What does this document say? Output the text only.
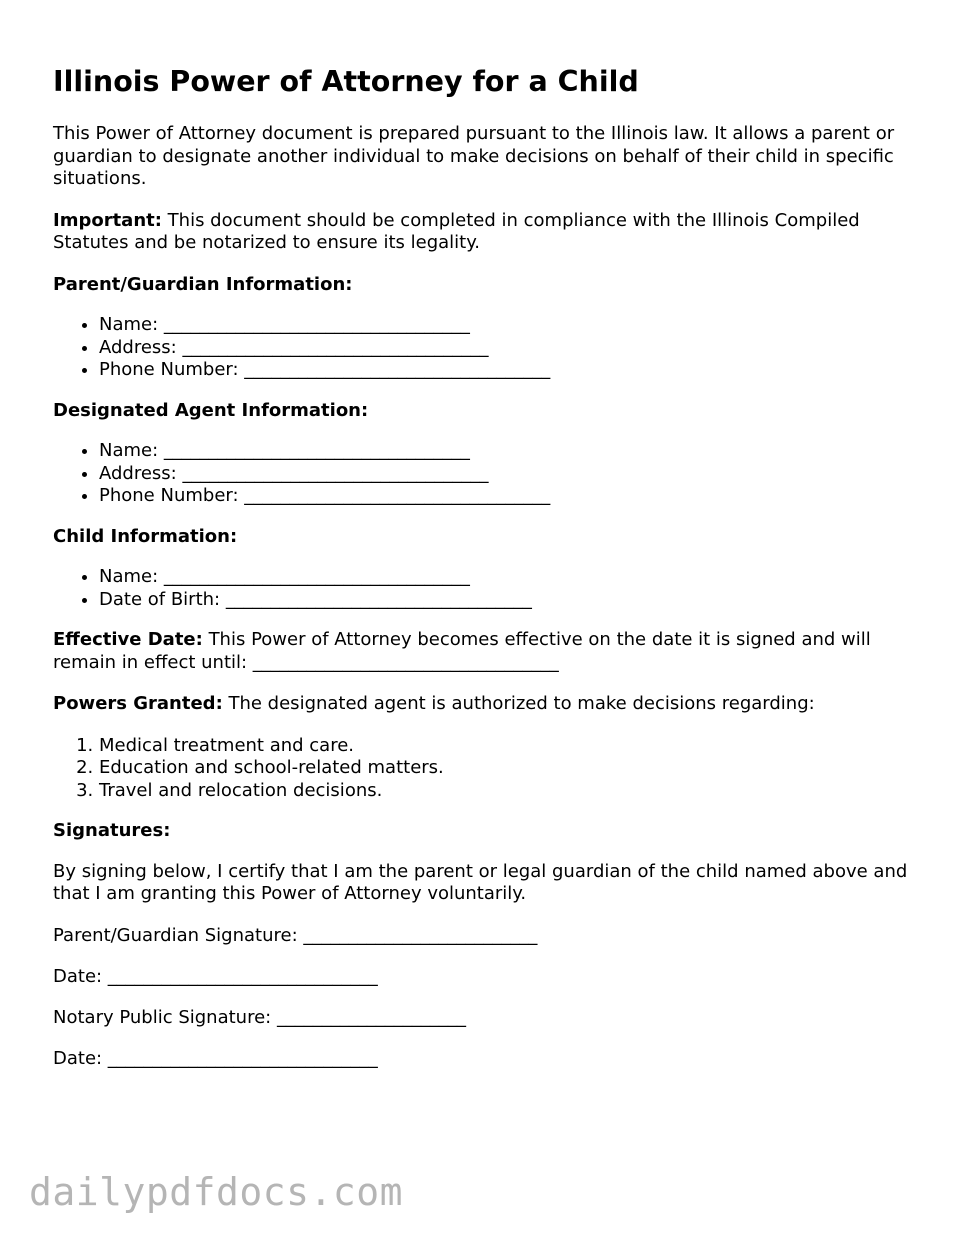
Illinois Power of Attorney for a Child

This Power of Attorney document is prepared pursuant to the Illinois law. It allows a parent or guardian to designate another individual to make decisions on behalf of their child in specific situations.

Important: This document should be completed in compliance with the Illinois Compiled Statutes and be notarized to ensure its legality.

Parent/Guardian Information:

• Name: __________________________________
• Address: __________________________________
• Phone Number: __________________________________

Designated Agent Information:

• Name: __________________________________
• Address: __________________________________
• Phone Number: __________________________________

Child Information:

• Name: __________________________________
• Date of Birth: __________________________________

Effective Date: This Power of Attorney becomes effective on the date it is signed and will remain in effect until: __________________________________

Powers Granted: The designated agent is authorized to make decisions regarding:

1. Medical treatment and care.
2. Education and school-related matters.
3. Travel and relocation decisions.

Signatures:

By signing below, I certify that I am the parent or legal guardian of the child named above and that I am granting this Power of Attorney voluntarily.

Parent/Guardian Signature: __________________________

Date: ______________________________

Notary Public Signature: _____________________

Date: ______________________________

dailypdfdocs.com
